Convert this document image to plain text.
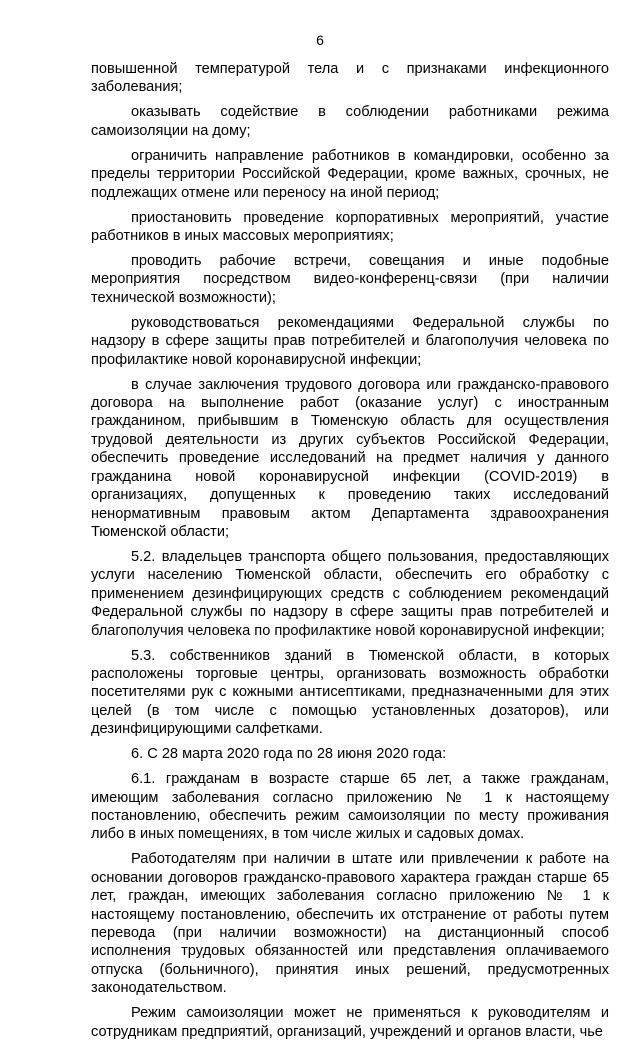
6

повышенной температурой тела и с признаками инфекционного заболевания;

оказывать содействие в соблюдении работниками режима самоизоляции на дому;

ограничить направление работников в командировки, особенно за пределы территории Российской Федерации, кроме важных, срочных, не подлежащих отмене или переносу на иной период;

приостановить проведение корпоративных мероприятий, участие работников в иных массовых мероприятиях;

проводить рабочие встречи, совещания и иные подобные мероприятия посредством видео-конференц-связи (при наличии технической возможности);

руководствоваться рекомендациями Федеральной службы по надзору в сфере защиты прав потребителей и благополучия человека по профилактике новой коронавирусной инфекции;

в случае заключения трудового договора или гражданско-правового договора на выполнение работ (оказание услуг) с иностранным гражданином, прибывшим в Тюменскую область для осуществления трудовой деятельности из других субъектов Российской Федерации, обеспечить проведение исследований на предмет наличия у данного гражданина новой коронавирусной инфекции (COVID-2019) в организациях, допущенных к проведению таких исследований ненормативным правовым актом Департамента здравоохранения Тюменской области;

5.2. владельцев транспорта общего пользования, предоставляющих услуги населению Тюменской области, обеспечить его обработку с применением дезинфицирующих средств с соблюдением рекомендаций Федеральной службы по надзору в сфере защиты прав потребителей и благополучия человека по профилактике новой коронавирусной инфекции;

5.3. собственников зданий в Тюменской области, в которых расположены торговые центры, организовать возможность обработки посетителями рук с кожными антисептиками, предназначенными для этих целей (в том числе с помощью установленных дозаторов), или дезинфицирующими салфетками.

6. С 28 марта 2020 года по 28 июня 2020 года:

6.1. гражданам в возрасте старше 65 лет, а также гражданам, имеющим заболевания согласно приложению № 1 к настоящему постановлению, обеспечить режим самоизоляции по месту проживания либо в иных помещениях, в том числе жилых и садовых домах.

Работодателям при наличии в штате или привлечении к работе на основании договоров гражданско-правового характера граждан старше 65 лет, граждан, имеющих заболевания согласно приложению № 1 к настоящему постановлению, обеспечить их отстранение от работы путем перевода (при наличии возможности) на дистанционный способ исполнения трудовых обязанностей или представления оплачиваемого отпуска (больничного), принятия иных решений, предусмотренных законодательством.

Режим самоизоляции может не применяться к руководителям и сотрудникам предприятий, организаций, учреждений и органов власти, чье
